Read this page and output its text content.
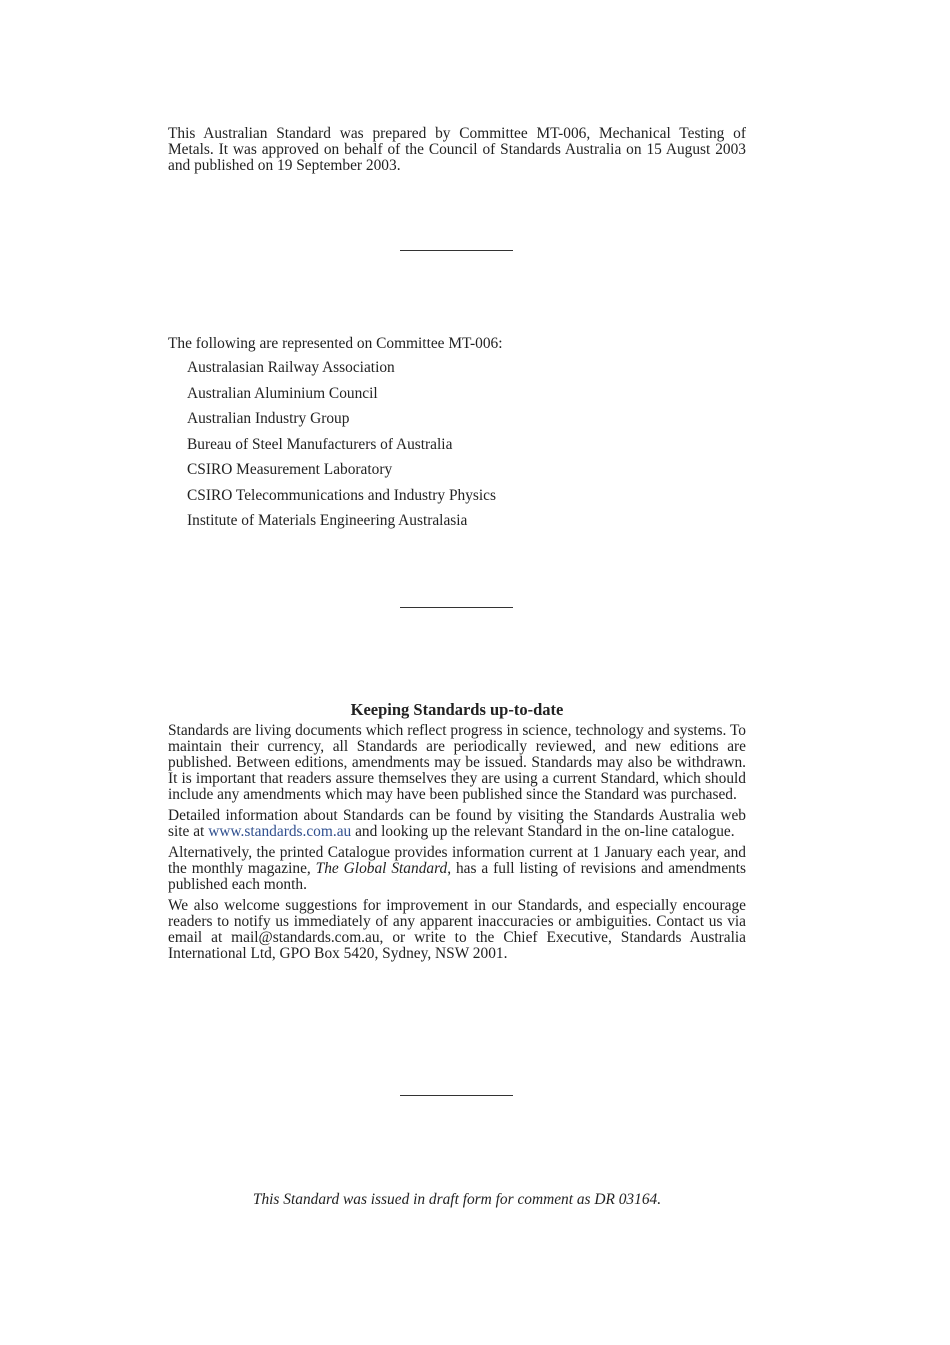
This Australian Standard was prepared by Committee MT-006, Mechanical Testing of Metals. It was approved on behalf of the Council of Standards Australia on 15 August 2003 and published on 19 September 2003.

The following are represented on Committee MT-006:

Australasian Railway Association
Australian Aluminium Council
Australian Industry Group
Bureau of Steel Manufacturers of Australia
CSIRO Measurement Laboratory
CSIRO Telecommunications and Industry Physics
Institute of Materials Engineering Australasia
Keeping Standards up-to-date

Standards are living documents which reflect progress in science, technology and systems. To maintain their currency, all Standards are periodically reviewed, and new editions are published. Between editions, amendments may be issued. Standards may also be withdrawn. It is important that readers assure themselves they are using a current Standard, which should include any amendments which may have been published since the Standard was purchased.

Detailed information about Standards can be found by visiting the Standards Australia web site at www.standards.com.au and looking up the relevant Standard in the on-line catalogue.

Alternatively, the printed Catalogue provides information current at 1 January each year, and the monthly magazine, The Global Standard, has a full listing of revisions and amendments published each month.

We also welcome suggestions for improvement in our Standards, and especially encourage readers to notify us immediately of any apparent inaccuracies or ambiguities. Contact us via email at mail@standards.com.au, or write to the Chief Executive, Standards Australia International Ltd, GPO Box 5420, Sydney, NSW 2001.

This Standard was issued in draft form for comment as DR 03164.
